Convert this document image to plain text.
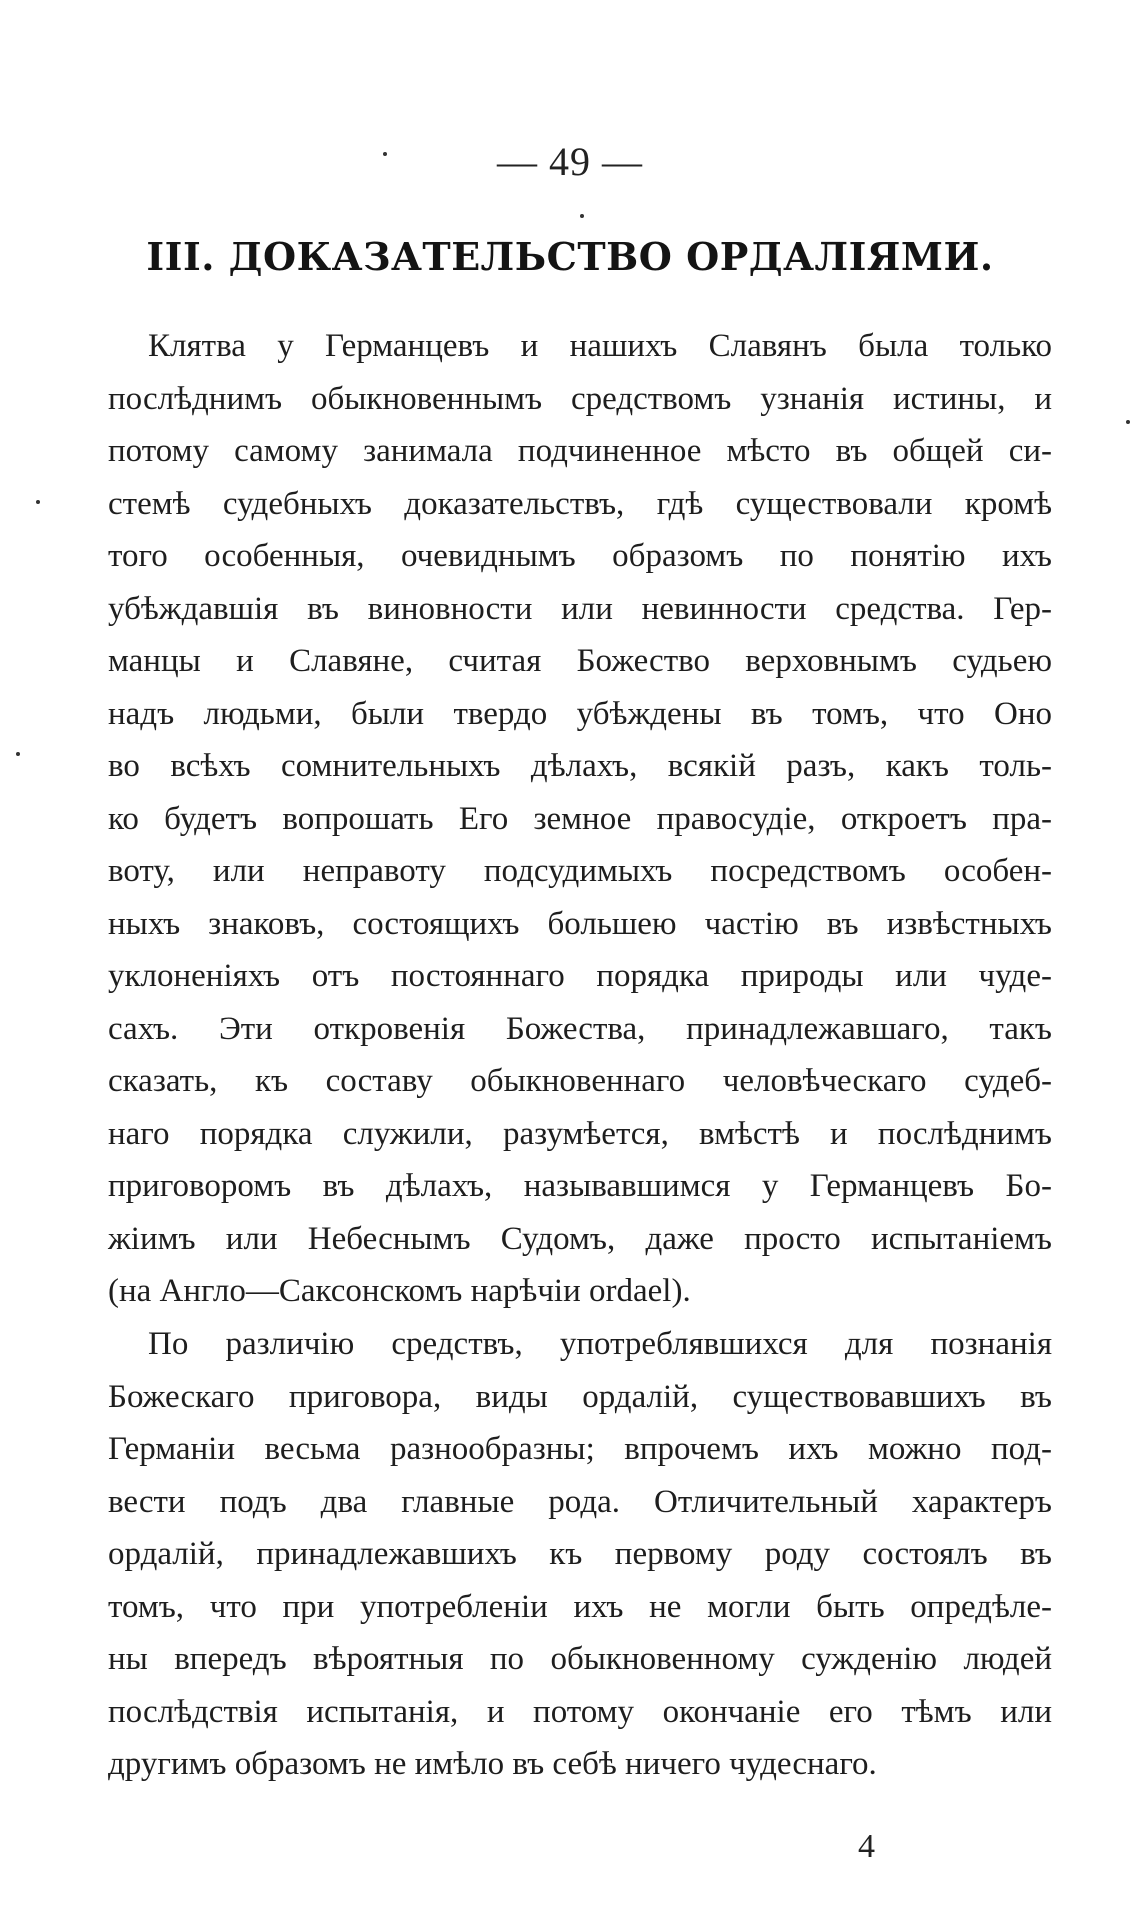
— 49 —
III. ДОКАЗАТЕЛЬСТВО ОРДАЛІЯМИ.
Клятва у Германцевъ и нашихъ Славянъ была только
послѣднимъ обыкновеннымъ средствомъ узнанія истины, и
потому самому занимала подчиненное мѣсто въ общей си-
стемѣ судебныхъ доказательствъ, гдѣ существовали кромѣ
того особенныя, очевиднымъ образомъ по понятію ихъ
убѣждавшія въ виновности или невинности средства. Гер-
манцы и Славяне, считая Божество верховнымъ судьею
надъ людьми, были твердо убѣждены въ томъ, что Оно
во всѣхъ сомнительныхъ дѣлахъ, всякій разъ, какъ толь-
ко будетъ вопрошать Его земное правосудіе, откроетъ пра-
воту, или неправоту подсудимыхъ посредствомъ особен-
ныхъ знаковъ, состоящихъ большею частію въ извѣстныхъ
уклоненіяхъ отъ постояннаго порядка природы или чуде-
сахъ. Эти откровенія Божества, принадлежавшаго, такъ
сказать, къ составу обыкновеннаго человѣческаго судеб-
наго порядка служили, разумѣется, вмѣстѣ и послѣднимъ
приговоромъ въ дѣлахъ, называвшимся у Германцевъ Бо-
жіимъ или Небеснымъ Судомъ, даже просто испытаніемъ
(на Англо—Саксонскомъ нарѣчіи ordael).
По различію средствъ, употреблявшихся для познанія
Божескаго приговора, виды ордалій, существовавшихъ въ
Германіи весьма разнообразны; впрочемъ ихъ можно под-
вести подъ два главные рода. Отличительный характеръ
ордалій, принадлежавшихъ къ первому роду состоялъ въ
томъ, что при употребленіи ихъ не могли быть опредѣле-
ны впередъ вѣроятныя по обыкновенному сужденію людей
послѣдствія испытанія, и потому окончаніе его тѣмъ или
другимъ образомъ не имѣло въ себѣ ничего чудеснаго.
4
